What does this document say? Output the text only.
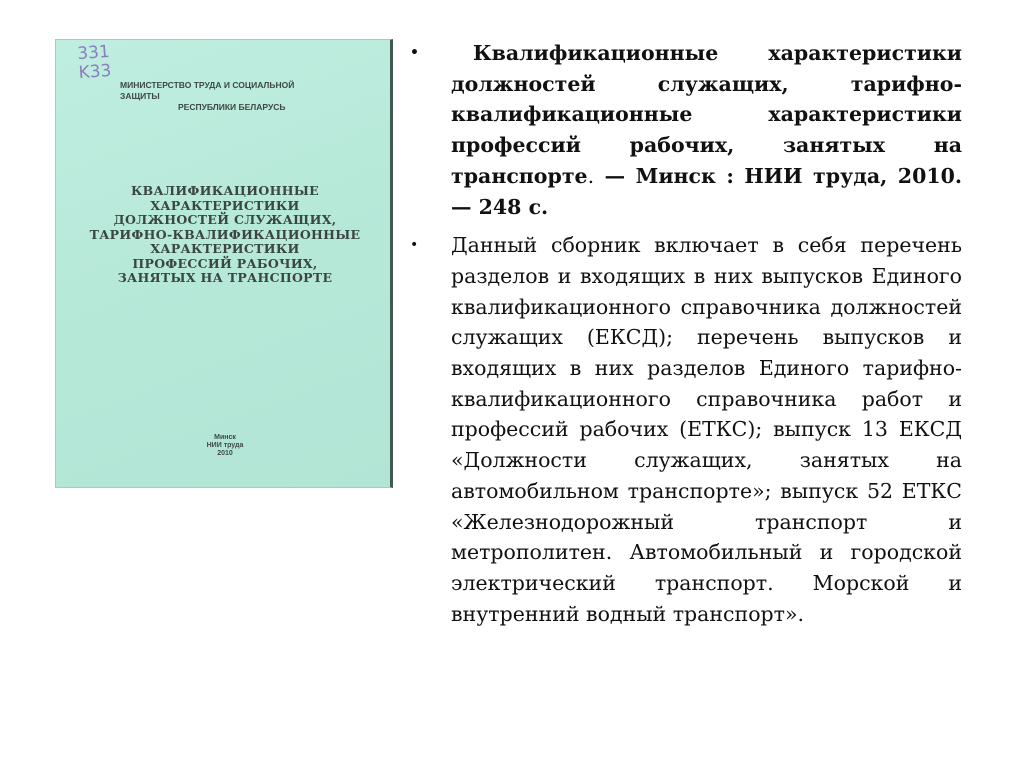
331
K33
МИНИСТЕРСТВО ТРУДА И СОЦИАЛЬНОЙ ЗАЩИТЫ
РЕСПУБЛИКИ БЕЛАРУСЬ
КВАЛИФИКАЦИОННЫЕ
ХАРАКТЕРИСТИКИ
ДОЛЖНОСТЕЙ СЛУЖАЩИХ,
ТАРИФНО-КВАЛИФИКАЦИОННЫЕ
ХАРАКТЕРИСТИКИ
ПРОФЕССИЙ РАБОЧИХ,
ЗАНЯТЫХ НА ТРАНСПОРТЕ
Минск
НИИ труда
2010

•	Квалификационные характеристики должностей служащих, тарифно-квалификационные характеристики профессий рабочих, занятых на транспорте. — Минск : НИИ труда, 2010. — 248 с.

• Данный сборник включает в себя перечень разделов и входящих в них выпусков Единого квалификационного справочника должностей служащих (ЕКСД); перечень выпусков и входящих в них разделов Единого тарифно-квалификационного справочника работ и профессий рабочих (ЕТКС); выпуск 13 ЕКСД «Должности служащих, занятых на автомобильном транспорте»; выпуск 52 ЕТКС «Железнодорожный транспорт и метрополитен. Автомобильный и городской электрический транспорт. Морской и внутренний водный транспорт».
